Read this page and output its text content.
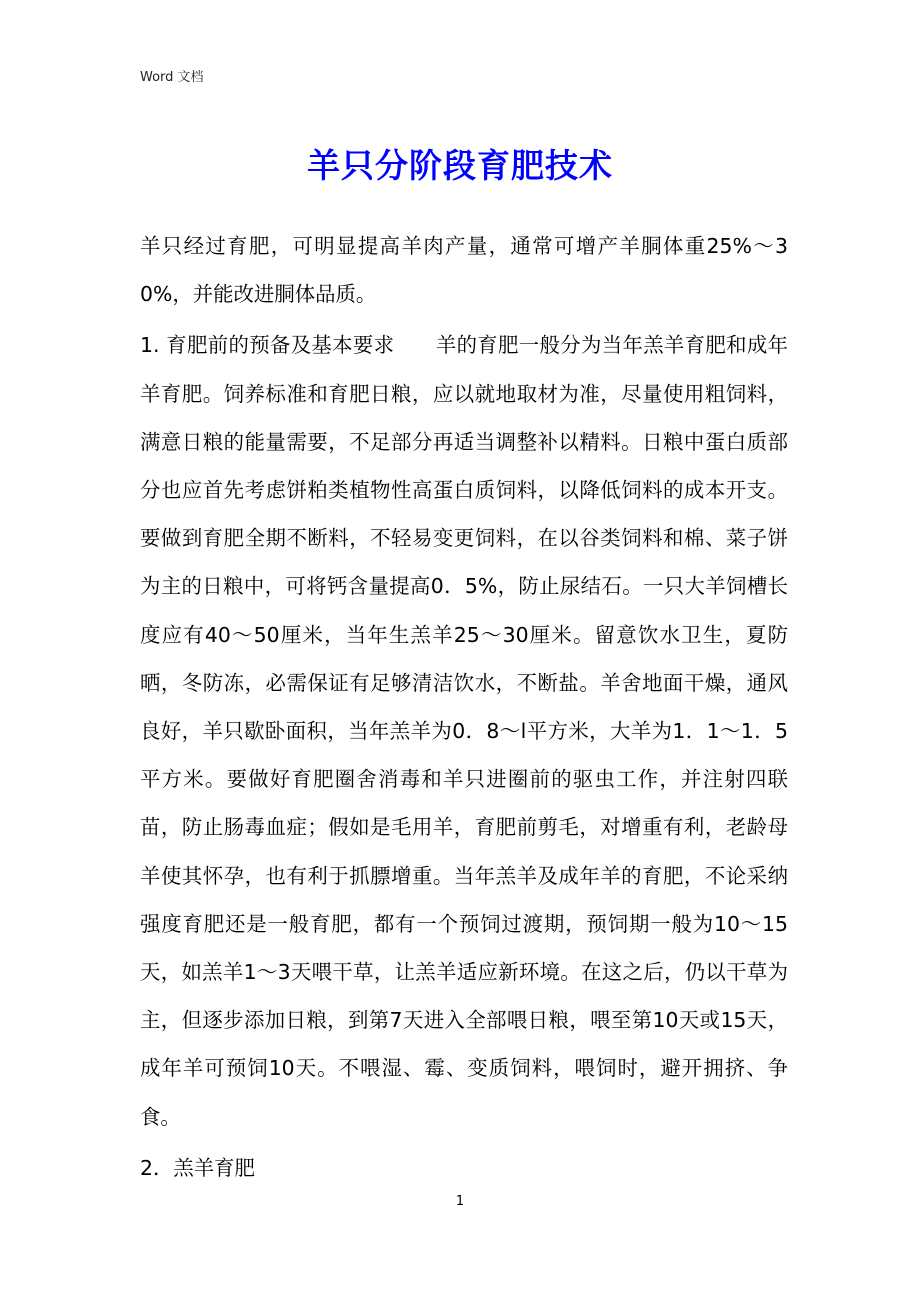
Word 文档
羊只分阶段育肥技术

羊只经过育肥，可明显提高羊肉产量，通常可增产羊胴体重25%～30%，并能改进胴体品质。

1. 育肥前的预备及基本要求　　羊的育肥一般分为当年羔羊育肥和成年羊育肥。饲养标准和育肥日粮，应以就地取材为准，尽量使用粗饲料，满意日粮的能量需要，不足部分再适当调整补以精料。日粮中蛋白质部分也应首先考虑饼粕类植物性高蛋白质饲料，以降低饲料的成本开支。要做到育肥全期不断料，不轻易变更饲料，在以谷类饲料和棉、菜子饼为主的日粮中，可将钙含量提高0．5%，防止尿结石。一只大羊饲槽长度应有40～50厘米，当年生羔羊25～30厘米。留意饮水卫生，夏防晒，冬防冻，必需保证有足够清洁饮水，不断盐。羊舍地面干燥，通风良好，羊只歇卧面积，当年羔羊为0．8～l平方米，大羊为1．1～1．5平方米。要做好育肥圈舍消毒和羊只进圈前的驱虫工作，并注射四联苗，防止肠毒血症；假如是毛用羊，育肥前剪毛，对增重有利，老龄母羊使其怀孕，也有利于抓膘增重。当年羔羊及成年羊的育肥，不论采纳强度育肥还是一般育肥，都有一个预饲过渡期，预饲期一般为10～15天，如羔羊1～3天喂干草，让羔羊适应新环境。在这之后，仍以干草为主，但逐步添加日粮，到第7天进入全部喂日粮，喂至第10天或15天，成年羊可预饲10天。不喂湿、霉、变质饲料，喂饲时，避开拥挤、争食。

2．羔羊育肥

1
